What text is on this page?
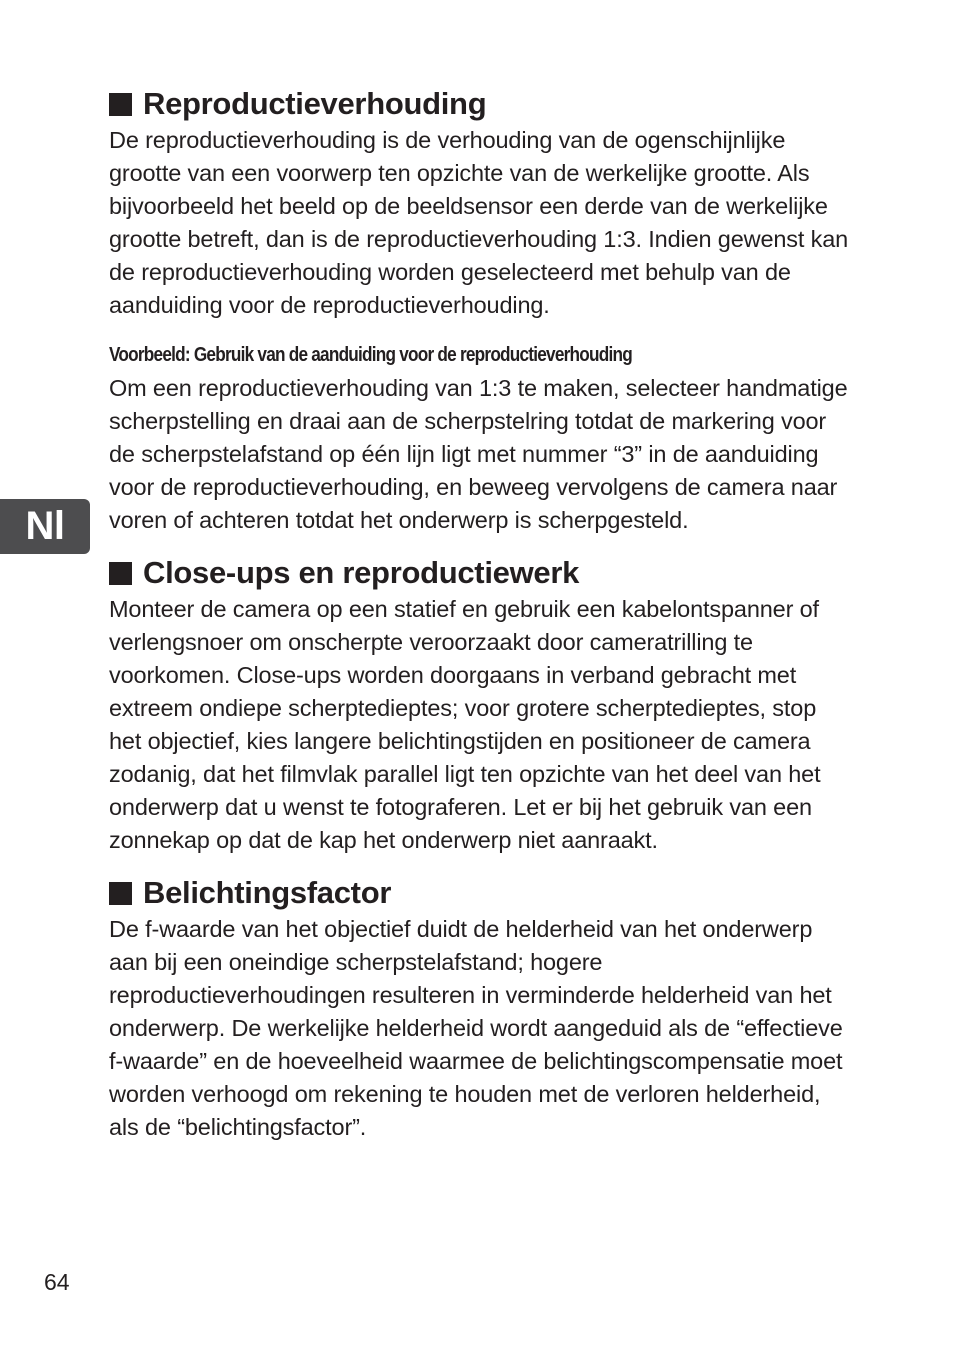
Nl
Reproductieverhouding

De reproductieverhouding is de verhouding van de ogenschijnlijke grootte van een voorwerp ten opzichte van de werkelijke grootte. Als bijvoorbeeld het beeld op de beeldsensor een derde van de werkelijke grootte betreft, dan is de reproductieverhouding 1:3. Indien gewenst kan de reproductieverhouding worden geselecteerd met behulp van de aanduiding voor de reproductieverhouding.

Voorbeeld: Gebruik van de aanduiding voor de reproductieverhouding

Om een reproductieverhouding van 1:3 te maken, selecteer handmatige scherpstelling en draai aan de scherpstelring totdat de markering voor de scherpstelafstand op één lijn ligt met nummer “3” in de aanduiding voor de reproductieverhouding, en beweeg vervolgens de camera naar voren of achteren totdat het onderwerp is scherpgesteld.

Close-ups en reproductiewerk

Monteer de camera op een statief en gebruik een kabelontspanner of verlengsnoer om onscherpte veroorzaakt door cameratrilling te voorkomen. Close-ups worden doorgaans in verband gebracht met extreem ondiepe scherptedieptes; voor grotere scherptedieptes, stop het objectief, kies langere belichtingstijden en positioneer de camera zodanig, dat het filmvlak parallel ligt ten opzichte van het deel van het onderwerp dat u wenst te fotograferen. Let er bij het gebruik van een zonnekap op dat de kap het onderwerp niet aanraakt.

Belichtingsfactor

De f-waarde van het objectief duidt de helderheid van het onderwerp aan bij een oneindige scherpstelafstand; hogere reproductieverhoudingen resulteren in verminderde helderheid van het onderwerp. De werkelijke helderheid wordt aangeduid als de “effectieve f-waarde” en de hoeveelheid waarmee de belichtingscompensatie moet worden verhoogd om rekening te houden met de verloren helderheid, als de “belichtingsfactor”.

64
